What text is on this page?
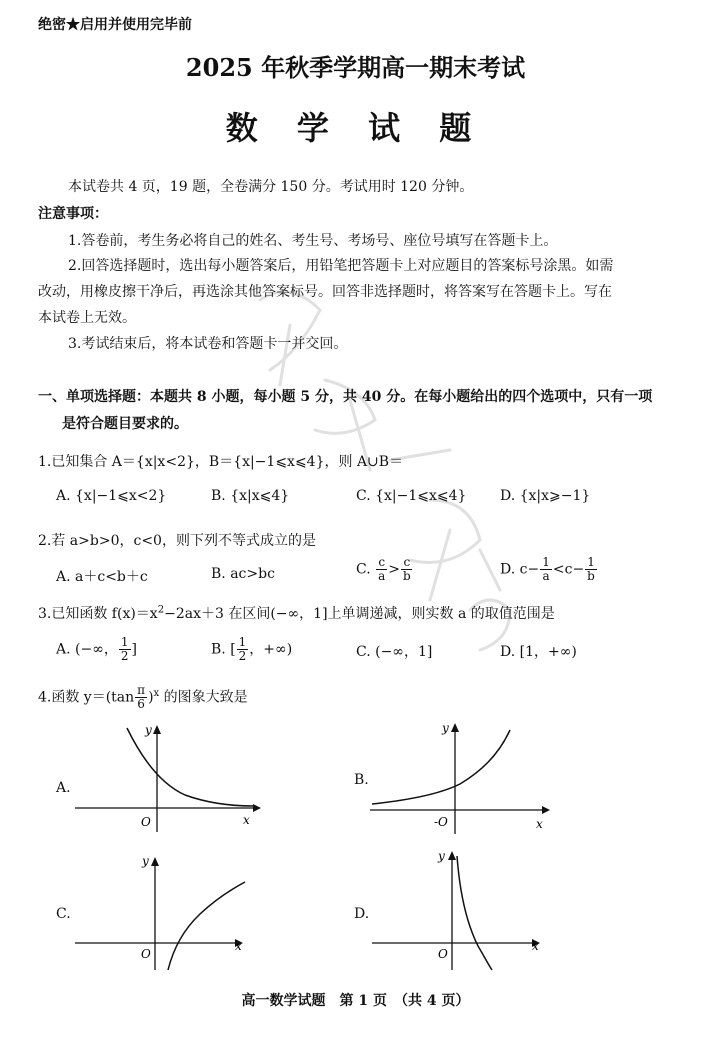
绝密★启用并使用完毕前
2025 年秋季学期高一期末考试
数 学 试 题
本试卷共 4 页，19 题，全卷满分 150 分。考试用时 120 分钟。
注意事项：
1.答卷前，考生务必将自己的姓名、考生号、考场号、座位号填写在答题卡上。
2.回答选择题时，选出每小题答案后，用铅笔把答题卡上对应题目的答案标号涂黑。如需
改动，用橡皮擦干净后，再选涂其他答案标号。回答非选择题时，将答案写在答题卡上。写在
本试卷上无效。
3.考试结束后，将本试卷和答题卡一并交回。
一、单项选择题：本题共 8 小题，每小题 5 分，共 40 分。在每小题给出的四个选项中，只有一项
是符合题目要求的。
1.已知集合 A＝{x|x<2}，B＝{x|−1⩽x⩽4}，则 A∪B＝
A. {x|−1⩽x<2}	B. {x|x⩽4}	C. {x|−1⩽x⩽4} D. {x|x⩾−1}
2.若 a>b>0，c<0，则下列不等式成立的是
A. a＋c<b＋c	B. ac>bc	C. $\frac{c}{a} > \frac{c}{b}$	D. $c- \frac{1}{a} <c- \frac{1}{b}$
3.已知函数 $f(x)=x^2-2ax+3$ 在区间(−∞，1]上单调递减，则实数 a 的取值范围是
A. (−∞， $\frac{1}{2}$ ]	B. [ $\frac{1}{2}$ ，+∞)	C. (−∞，1]	D. [1，+∞)
4.函数 $y=(\tan \frac{\pi}{6} )^x$ 的图象大致是
A.	B.
C.	D.
y
x
O
y
x
-O
y
x
O
y
x
O
高一数学试题　第 1 页　（共 4 页）
